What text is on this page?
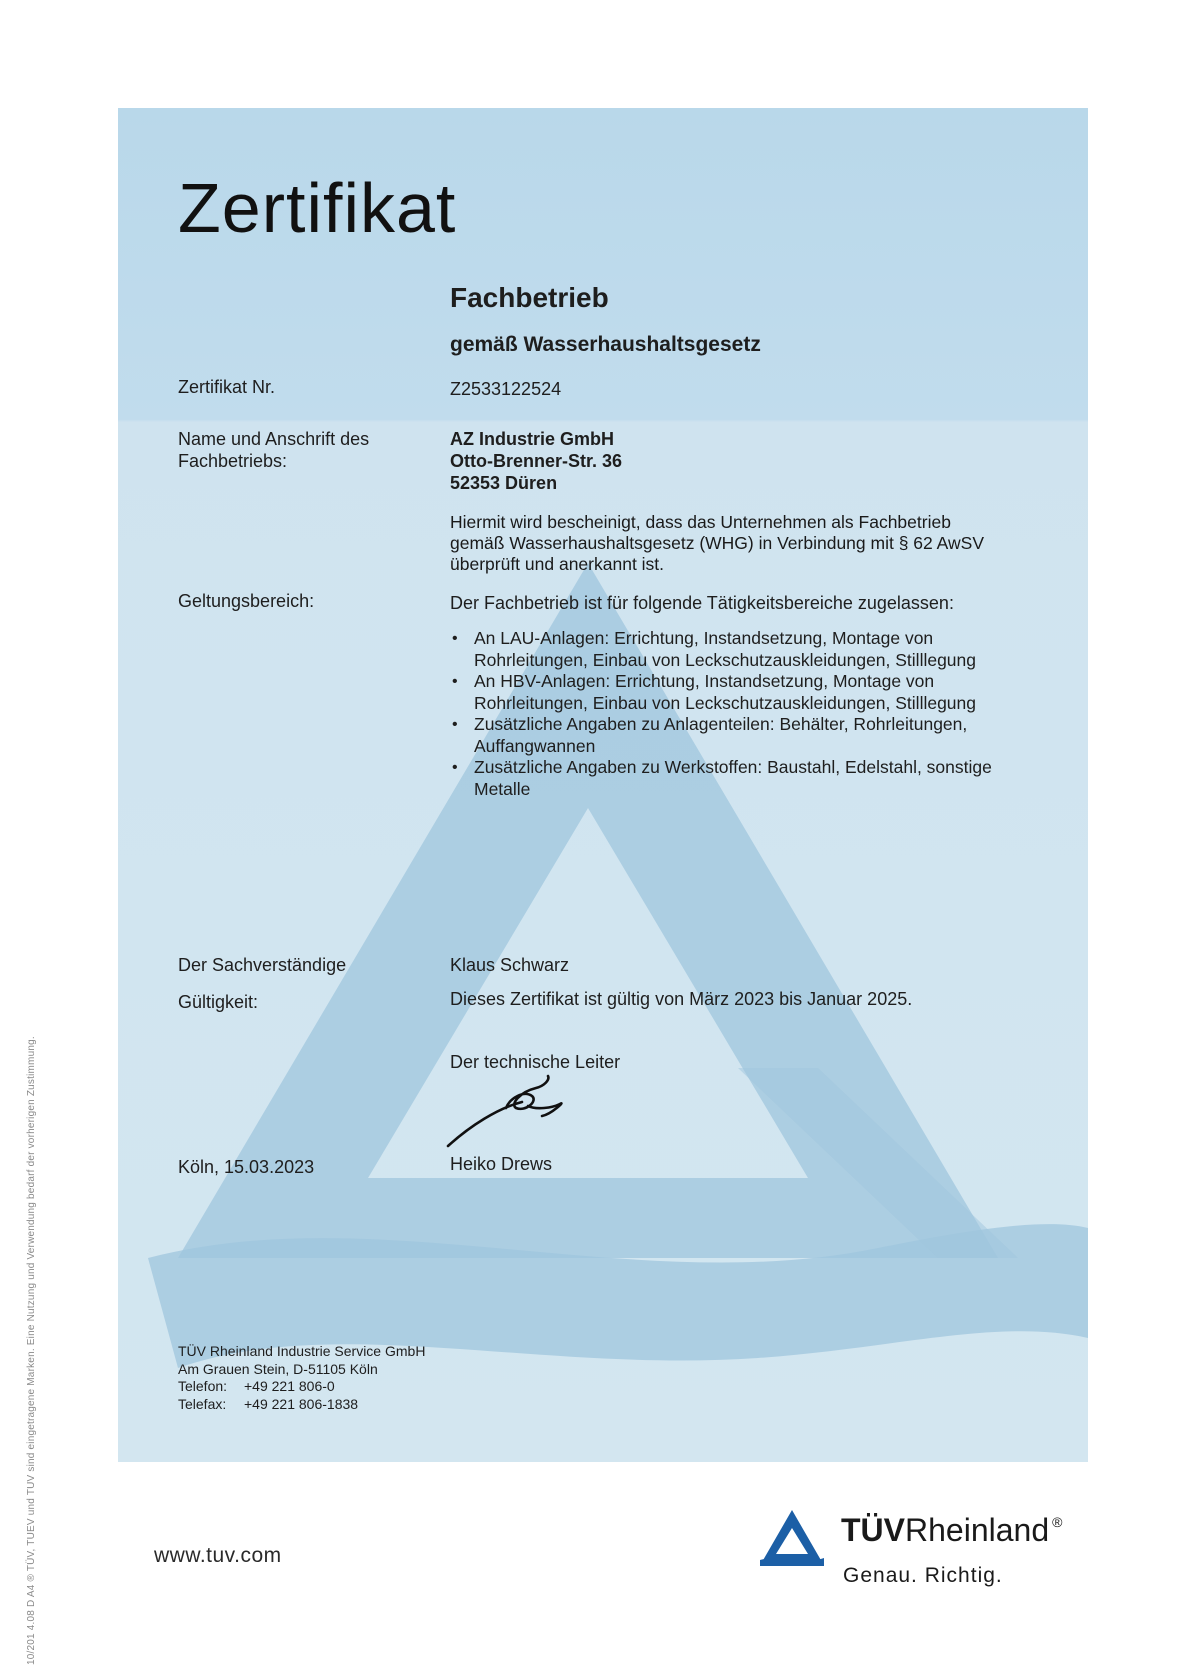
Zertifikat
Fachbetrieb
gemäß Wasserhaushaltsgesetz
Zertifikat Nr.	Z2533122524
Name und Anschrift des
Fachbetriebs:
AZ Industrie GmbH
Otto-Brenner-Str. 36
52353 Düren
Hiermit wird bescheinigt, dass das Unternehmen als Fachbetrieb gemäß Wasserhaushaltsgesetz (WHG) in Verbindung mit § 62 AwSV überprüft und anerkannt ist.
Geltungsbereich:	Der Fachbetrieb ist für folgende Tätigkeitsbereiche zugelassen:
• An LAU-Anlagen: Errichtung, Instandsetzung, Montage von Rohrleitungen, Einbau von Leckschutzauskleidungen, Stilllegung
• An HBV-Anlagen: Errichtung, Instandsetzung, Montage von Rohrleitungen, Einbau von Leckschutzauskleidungen, Stilllegung
• Zusätzliche Angaben zu Anlagenteilen: Behälter, Rohrleitungen, Auffangwannen
• Zusätzliche Angaben zu Werkstoffen: Baustahl, Edelstahl, sonstige Metalle
Der Sachverständige	Klaus Schwarz
Gültigkeit:	Dieses Zertifikat ist gültig von März 2023 bis Januar 2025.
Der technische Leiter
Köln, 15.03.2023	Heiko Drews
TÜV Rheinland Industrie Service GmbH
Am Grauen Stein, D-51105 Köln
Telefon:	+49 221 806-0
Telefax:	+49 221 806-1838
10/201 4.08 D A4 ® TÜV, TUEV und TUV sind eingetragene Marken. Eine Nutzung und Verwendung bedarf der vorherigen Zustimmung.	www.tuv.com
TÜVRheinland ®
Genau. Richtig.
